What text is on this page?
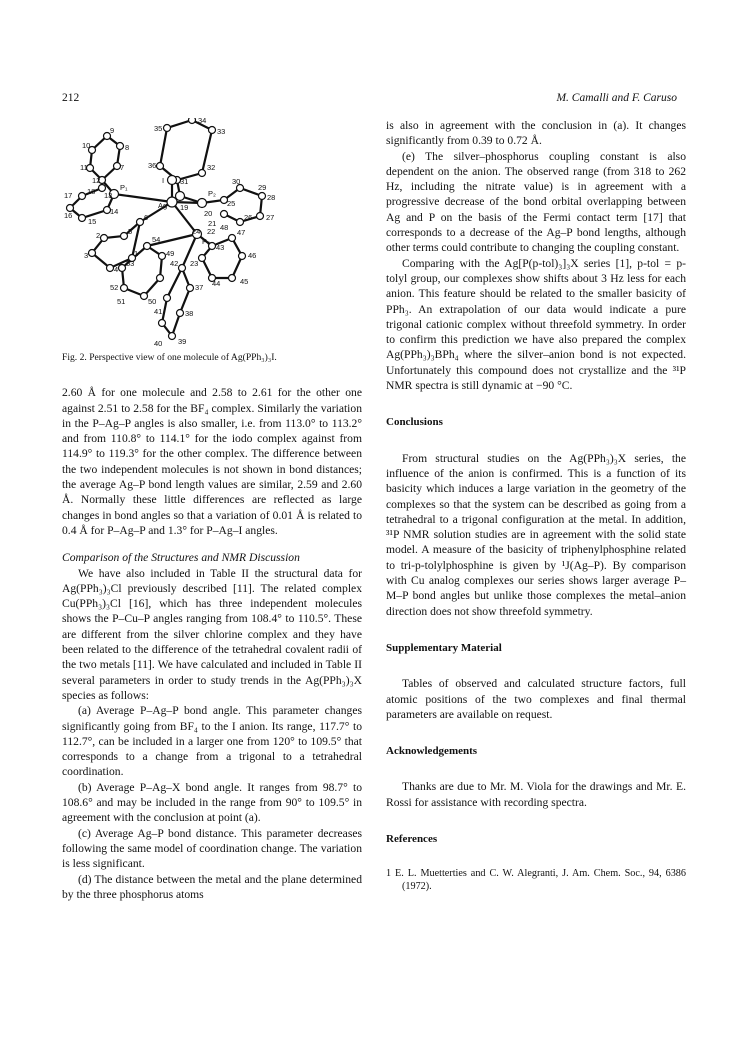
212	M. Camalli and F. Caruso
34
33
35
36	32
31
I	30
29
28
27
26
25
P₂
20
21
Ag 19
48
22
24	47
P₃
46
43
45
44
23
P₁
8
9
10
11
12
7
13
18
17
16
15
14
6
5
2
3
4
1
54
53
52
51	50
49
42
37
38
39
40
41
Fig. 2. Perspective view of one molecule of Ag(PPh₃)₃I.

2.60 Å for one molecule and 2.58 to 2.61 for the other one against 2.51 to 2.58 for the BF₄ complex. Similarly the variation in the P–Ag–P angles is also smaller, i.e. from 113.0° to 113.2° and from 110.8° to 114.1° for the iodo complex against from 114.9° to 119.3° for the other complex. The difference between the two independent molecules is not shown in bond distances; the average Ag–P bond length values are similar, 2.59 and 2.60 Å. Normally these little differences are reflected as large changes in bond angles so that a variation of 0.01 Å is related to 0.4 Å for P–Ag–P and 1.3° for P–Ag–I angles.

Comparison of the Structures and NMR Discussion

We have also included in Table II the structural data for Ag(PPh₃)₃Cl previously described [11]. The related complex Cu(PPh₃)₃Cl [16], which has three independent molecules shows the P–Cu–P angles ranging from 108.4° to 110.5°. These are different from the silver chlorine complex and they have been related to the difference of the tetrahedral covalent radii of the two metals [11]. We have calculated and included in Table II several parameters in order to study trends in the Ag(PPh₃)₃X species as follows:

(a) Average P–Ag–P bond angle. This parameter changes significantly going from BF₄ to the I anion. Its range, 117.7° to 112.7°, can be included in a larger one from 120° to 109.5° that corresponds to a change from a trigonal to a tetrahedral coordination.

(b) Average P–Ag–X bond angle. It ranges from 98.7° to 108.6° and may be included in the range from 90° to 109.5° in agreement with the conclusion at point (a).

(c) Average Ag–P bond distance. This parameter decreases following the same model of coordination change. The variation is less significant.

(d) The distance between the metal and the plane determined by the three phosphorus atoms

is also in agreement with the conclusion in (a). It changes significantly from 0.39 to 0.72 Å.

(e) The silver–phosphorus coupling constant is also dependent on the anion. The observed range (from 318 to 262 Hz, including the nitrate value) is in agreement with a progressive decrease of the bond orbital overlapping between Ag and P on the basis of the Fermi contact term [17] that corresponds to a decrease of the Ag–P bond lengths, although other terms could contribute to changing the coupling constant.

Comparing with the Ag[P(p-tol)₃]₃X series [1], p-tol = p-tolyl group, our complexes show shifts about 3 Hz less for each anion. This feature should be related to the smaller basicity of PPh₃. An extrapolation of our data would indicate a pure trigonal cationic complex without threefold symmetry. In order to confirm this prediction we have also prepared the complex Ag(PPh₃)₃BPh₄ where the silver–anion bond is not expected. Unfortunately this compound does not crystallize and the ³¹P NMR spectra is still dynamic at −90 °C.

Conclusions

From structural studies on the Ag(PPh₃)₃X series, the influence of the anion is confirmed. This is a function of its basicity which induces a large variation in the geometry of the complexes so that the system can be described as going from a tetrahedral to a trigonal configuration at the metal. In addition, ³¹P NMR solution studies are in agreement with the solid state model. A measure of the basicity of triphenylphosphine related to tri-p-tolylphosphine is given by ¹J(Ag–P). By comparison with Cu analog complexes our series shows larger average P–M–P bond angles but unlike those complexes the metal–anion direction does not show threefold symmetry.

Supplementary Material

Tables of observed and calculated structure factors, full atomic positions of the two complexes and final thermal parameters are available on request.

Acknowledgements

Thanks are due to Mr. M. Viola for the drawings and Mr. E. Rossi for assistance with recording spectra.

References

1 E. L. Muetterties and C. W. Alegranti, J. Am. Chem. Soc., 94, 6386 (1972).
